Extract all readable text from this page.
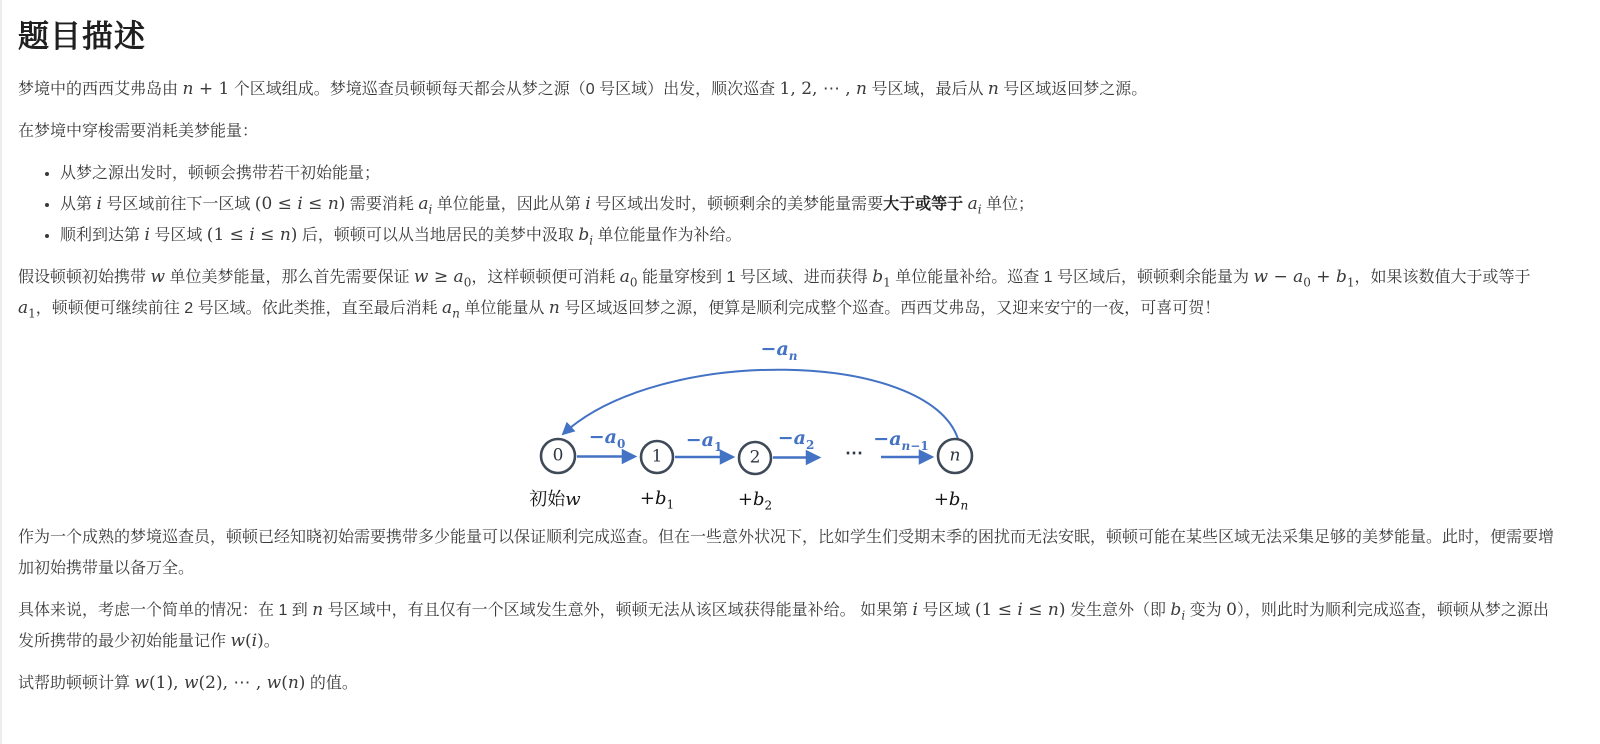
题目描述

梦境中的西西艾弗岛由 n + 1 个区域组成。梦境巡查员顿顿每天都会从梦之源（0 号区域）出发，顺次巡查 1, 2, ⋯ , n 号区域，最后从 n 号区域返回梦之源。

在梦境中穿梭需要消耗美梦能量：

• 从梦之源出发时，顿顿会携带若干初始能量；
• 从第 i 号区域前往下一区域 (0 ≤ i ≤ n) 需要消耗 $a_i$ 单位能量，因此从第 i 号区域出发时，顿顿剩余的美梦能量需要大于或等于 $a_i$ 单位；
• 顺利到达第 i 号区域 (1 ≤ i ≤ n) 后，顿顿可以从当地居民的美梦中汲取 $b_i$ 单位能量作为补给。

假设顿顿初始携带 w 单位美梦能量，那么首先需要保证 $w \ge a_0$，这样顿顿便可消耗 $a_0$ 能量穿梭到 1 号区域、进而获得 $b_1$ 单位能量补给。巡查 1 号区域后，顿顿剩余能量为 $w - a_0 + b_1$，如果该数值大于或等于 $a_1$，顿顿便可继续前往 2 号区域。依此类推，直至最后消耗 $a_n$ 单位能量从 n 号区域返回梦之源，便算是顺利完成整个巡查。西西艾弗岛，又迎来安宁的一夜，可喜可贺！

0	1	2	n
⋯
$-a_0$	$-a_1$	$-a_2$	$-a_{n-1}$
$-a_n$
初始w	$+b_1$	$+b_2$	$+b_n$

作为一个成熟的梦境巡查员，顿顿已经知晓初始需要携带多少能量可以保证顺利完成巡查。但在一些意外状况下，比如学生们受期末季的困扰而无法安眠，顿顿可能在某些区域无法采集足够的美梦能量。此时，便需要增加初始携带量以备万全。

具体来说，考虑一个简单的情况：在 1 到 n 号区域中，有且仅有一个区域发生意外，顿顿无法从该区域获得能量补给。 如果第 i 号区域 (1 ≤ i ≤ n) 发生意外（即 $b_i$ 变为 0），则此时为顺利完成巡查，顿顿从梦之源出发所携带的最少初始能量记作 w(i)。

试帮助顿顿计算 w(1), w(2), ⋯ , w(n) 的值。
